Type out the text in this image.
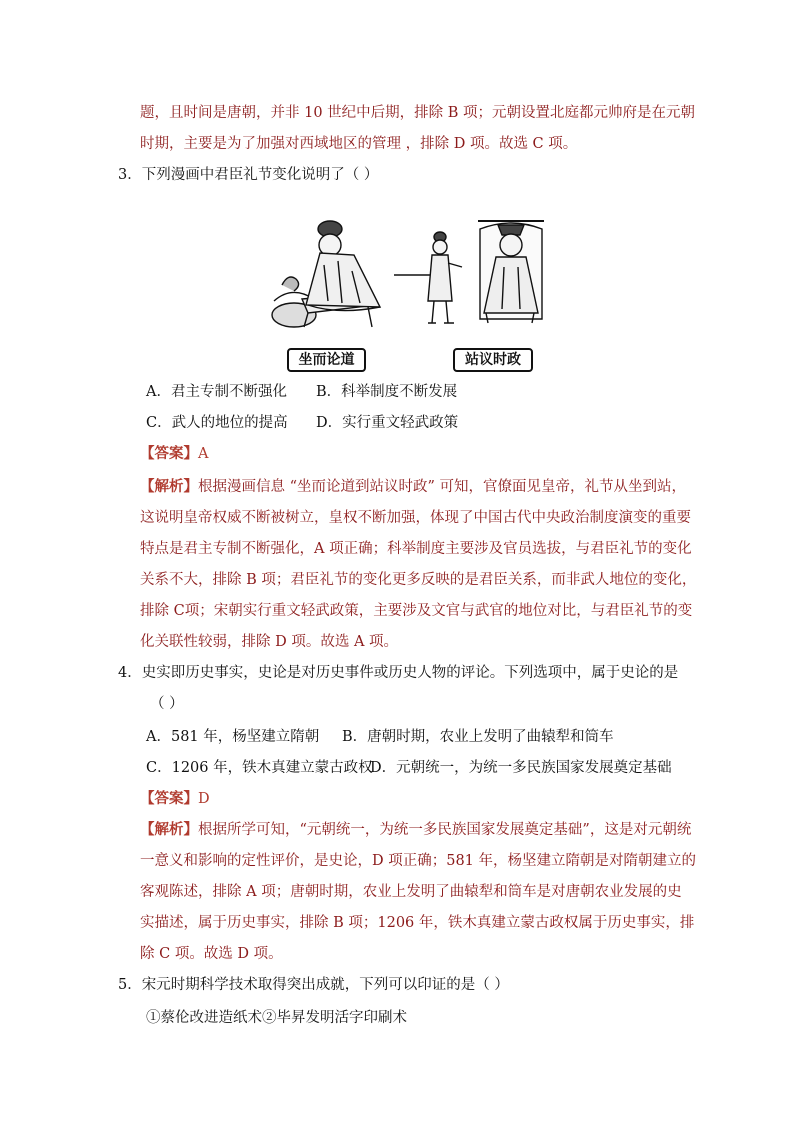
题，且时间是唐朝，并非 10 世纪中后期，排除 B 项；元朝设置北庭都元帅府是在元朝
时期，主要是为了加强对西域地区的管理 ，排除 D 项。故选 C 项。
3．下列漫画中君臣礼节变化说明了（ ）
坐而论道	站议时政
A．君主专制不断强化 B．科举制度不断发展
C．武人的地位的提高 D．实行重文轻武政策
【答案】A
【解析】根据漫画信息 “坐而论道到站议时政” 可知，官僚面见皇帝，礼节从坐到站，
这说明皇帝权威不断被树立，皇权不断加强，体现了中国古代中央政治制度演变的重要
特点是君主专制不断强化，A 项正确；科举制度主要涉及官员选拔，与君臣礼节的变化
关系不大，排除 B 项；君臣礼节的变化更多反映的是君臣关系，而非武人地位的变化，
排除 C项；宋朝实行重文轻武政策，主要涉及文官与武官的地位对比，与君臣礼节的变
化关联性较弱，排除 D 项。故选 A 项。
4．史实即历史事实，史论是对历史事件或历史人物的评论。下列选项中，属于史论的是
（ ）
A．581 年，杨坚建立隋朝 B．唐朝时期，农业上发明了曲辕犁和筒车
C．1206 年，铁木真建立蒙古政权
D．元朝统一，为统一多民族国家发展奠定基础
【答案】D
【解析】根据所学可知，“元朝统一，为统一多民族国家发展奠定基础”，这是对元朝统
一意义和影响的定性评价，是史论，D 项正确；581 年，杨坚建立隋朝是对隋朝建立的
客观陈述，排除 A 项；唐朝时期，农业上发明了曲辕犁和筒车是对唐朝农业发展的史
实描述，属于历史事实，排除 B 项；1206 年，铁木真建立蒙古政权属于历史事实，排
除 C 项。故选 D 项。
5．宋元时期科学技术取得突出成就，下列可以印证的是（ ）
①蔡伦改进造纸术②毕昇发明活字印刷术
